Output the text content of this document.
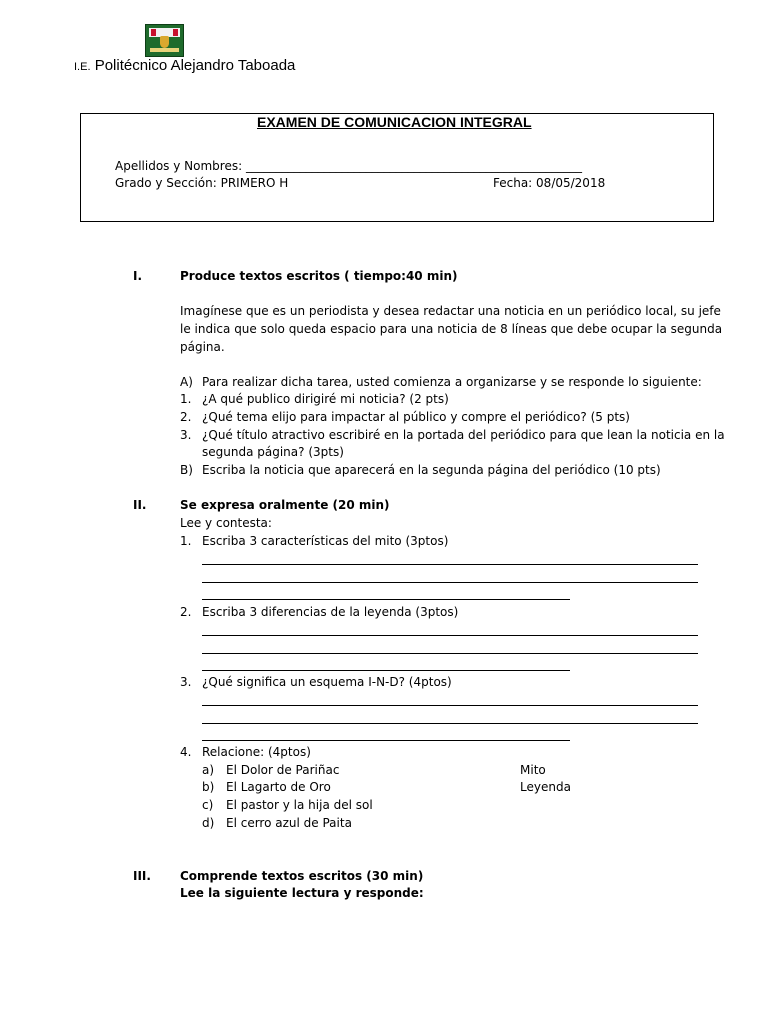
I.E. Politécnico Alejandro Taboada
EXAMEN DE COMUNICACION INTEGRAL
Apellidos y Nombres: ________________________________________________________
Grado y Sección: PRIMERO H	Fecha: 08/05/2018
I.	Produce textos escritos ( tiempo:40 min)
Imagínese que es un periodista y desea redactar una noticia en un periódico local, su jefe
le indica que solo queda espacio para una noticia de 8 líneas que debe ocupar la segunda
página.
A) Para realizar dicha tarea, usted comienza a organizarse y se responde lo siguiente:
1. ¿A qué publico dirigiré mi noticia? (2 pts)
2. ¿Qué tema elijo para impactar al público y compre el periódico? (5 pts)
3. ¿Qué título atractivo escribiré en la portada del periódico para que lean la noticia en la
segunda página? (3pts)
B) Escriba la noticia que aparecerá en la segunda página del periódico (10 pts)
II.	Se expresa oralmente (20 min)
Lee y contesta:
1. Escriba 3 características del mito (3ptos)
2. Escriba 3 diferencias de la leyenda (3ptos)
3. ¿Qué significa un esquema I-N-D? (4ptos)
4. Relacione: (4ptos)
a) El Dolor de Pariñac	Mito
b) El Lagarto de Oro	Leyenda
c) El pastor y la hija del sol
d) El cerro azul de Paita
III. Comprende textos escritos (30 min)
Lee la siguiente lectura y responde:
